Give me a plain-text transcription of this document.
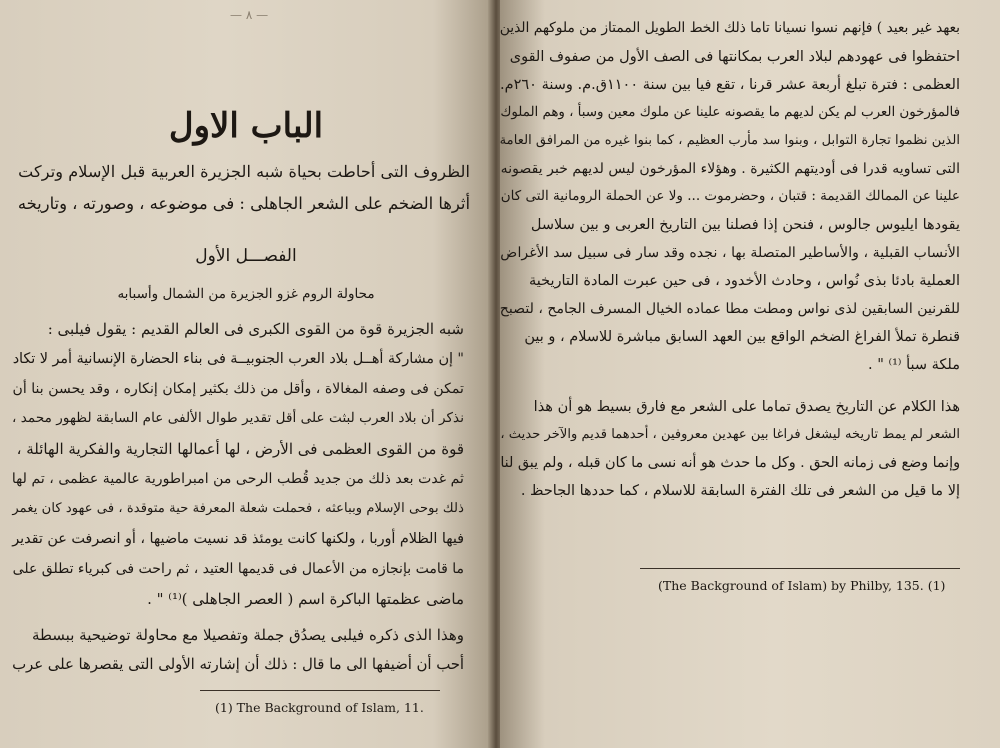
— ٨ —
الباب الاول
الظروف التى أحاطت بحياة شبه الجزيرة العربية قبل الإسلام وتركت
أثرها الضخم على الشعر الجاهلى : فى موضوعه ، وصورته ، وتاريخه
الفصـــل الأول
محاولة الروم غزو الجزيرة من الشمال وأسبابه
شبه الجزيرة قوة من القوى الكبرى فى العالم القديم : يقول فيلبى :
" إن مشاركة أهــل بلاد العرب الجنوبيــة فى بناء الحضارة الإنسانية أمر لا تكاد
تمكن فى وصفه المغالاة ، وأقل من ذلك بكثير إمكان إنكاره ، وقد يحسن بنا أن
نذكر أن بلاد العرب لبثت على أقل تقدير طوال الألفى عام السابقة لظهور محمد ،
قوة من القوى العظمى فى الأرض ، لها أعمالها التجارية والفكرية الهائلة ،
ثم غدت بعد ذلك من جديد قُطب الرحى من امبراطورية عالمية عظمى ، تم لها
ذلك بوحى الإسلام وبباعثه ، فحملت شعلة المعرفة حية متوقدة ، فى عهود كان يغمر
فيها الظلام أوربا ، ولكنها كانت يومئذ قد نسيت ماضيها ، أو انصرفت عن تقدير
ما قامت بإنجازه من الأعمال فى قديمها العتيد ، ثم راحت فى كبرياء تطلق على
ماضى عظمتها الباكرة اسم ( العصر الجاهلى )⁽¹⁾ " .
وهذا الذى ذكره فيلبى يصدُق جملة وتفصيلا مع محاولة توضيحية ببسطة
أحب أن أضيفها الى ما قال : ذلك أن إشارته الأولى التى يقصرها على عرب
(1) The Background of Islam, 11.
بعهد غير بعيد ) فإنهم نسوا نسيانا تاما ذلك الخط الطويل الممتاز من ملوكهم الذين
احتفظوا فى عهودهم لبلاد العرب بمكانتها فى الصف الأول من صفوف القوى
العظمى : فترة تبلغ أربعة عشر قرنا ، تقع فيا بين سنة ١١٠٠ق.م. وسنة ٢٦٠م.
فالمؤرخون العرب لم يكن لديهم ما يقصونه علينا عن ملوك معين وسبأ ، وهم الملوك
الذين نظموا تجارة التوابل ، وبنوا سد مأرب العظيم ، كما بنوا غيره من المرافق العامة
التى تساويه قدرا فى أوديتهم الكثيرة . وهؤلاء المؤرخون ليس لديهم خبر يقصونه
علينا عن الممالك القديمة : قتبان ، وحضرموت ... ولا عن الحملة الرومانية التى كان
يقودها ايليوس جالوس ، فنحن إذا فصلنا بين التاريخ العربى و بين سلاسل
الأنساب القبلية ، والأساطير المتصلة بها ، نجده وقد سار فى سبيل سد الأغراض
العملية بادئا بذى نُواس ، وحادث الأخدود ، فى حين عبرت المادة التاريخية
للقرنين السابقين لذى نواس ومطت مطا عماده الخيال المسرف الجامح ، لتصبح
قنطرة تملأ الفراغ الضخم الواقع بين العهد السابق مباشرة للاسلام ، و بين
ملكة سبأ ⁽¹⁾ " .
هذا الكلام عن التاريخ يصدق تماما على الشعر مع فارق بسيط هو أن هذا
الشعر لم يمط تاريخه ليشغل فراغا بين عهدين معروفين ، أحدهما قديم والآخر حديث ،
وإنما وضع فى زمانه الحق . وكل ما حدث هو أنه نسى ما كان قبله ، ولم يبق لنا
إلا ما قيل من الشعر فى تلك الفترة السابقة للاسلام ، كما حددها الجاحظ .
(The Background of Islam) by Philby, 135. (1)
